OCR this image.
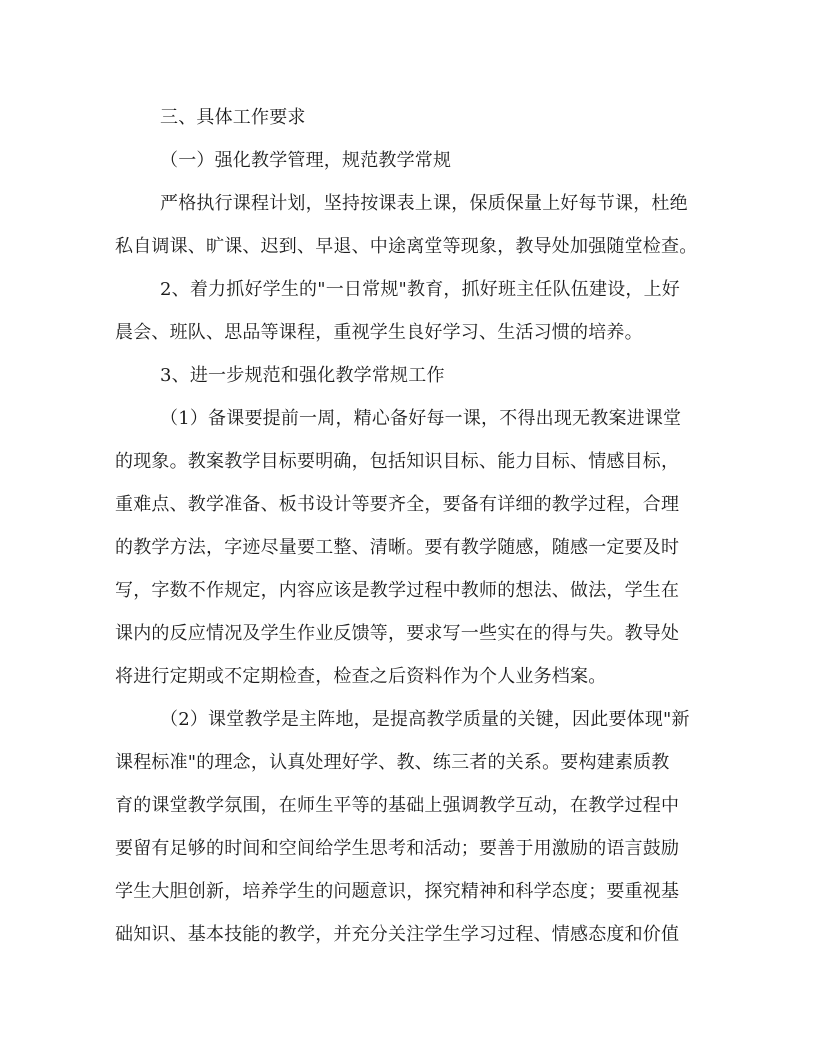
三、具体工作要求
（一）强化教学管理，规范教学常规
严格执行课程计划，坚持按课表上课，保质保量上好每节课，杜绝
私自调课、旷课、迟到、早退、中途离堂等现象，教导处加强随堂检查。
2、着力抓好学生的"一日常规"教育，抓好班主任队伍建设，上好
晨会、班队、思品等课程，重视学生良好学习、生活习惯的培养。
3、进一步规范和强化教学常规工作
（1）备课要提前一周，精心备好每一课，不得出现无教案进课堂
的现象。教案教学目标要明确，包括知识目标、能力目标、情感目标，
重难点、教学准备、板书设计等要齐全，要备有详细的教学过程，合理
的教学方法，字迹尽量要工整、清晰。要有教学随感，随感一定要及时
写，字数不作规定，内容应该是教学过程中教师的想法、做法，学生在
课内的反应情况及学生作业反馈等，要求写一些实在的得与失。教导处
将进行定期或不定期检查，检查之后资料作为个人业务档案。
（2）课堂教学是主阵地，是提高教学质量的关键，因此要体现"新
课程标准"的理念，认真处理好学、教、练三者的关系。要构建素质教
育的课堂教学氛围，在师生平等的基础上强调教学互动，在教学过程中
要留有足够的时间和空间给学生思考和活动；要善于用激励的语言鼓励
学生大胆创新，培养学生的问题意识，探究精神和科学态度；要重视基
础知识、基本技能的教学，并充分关注学生学习过程、情感态度和价值
